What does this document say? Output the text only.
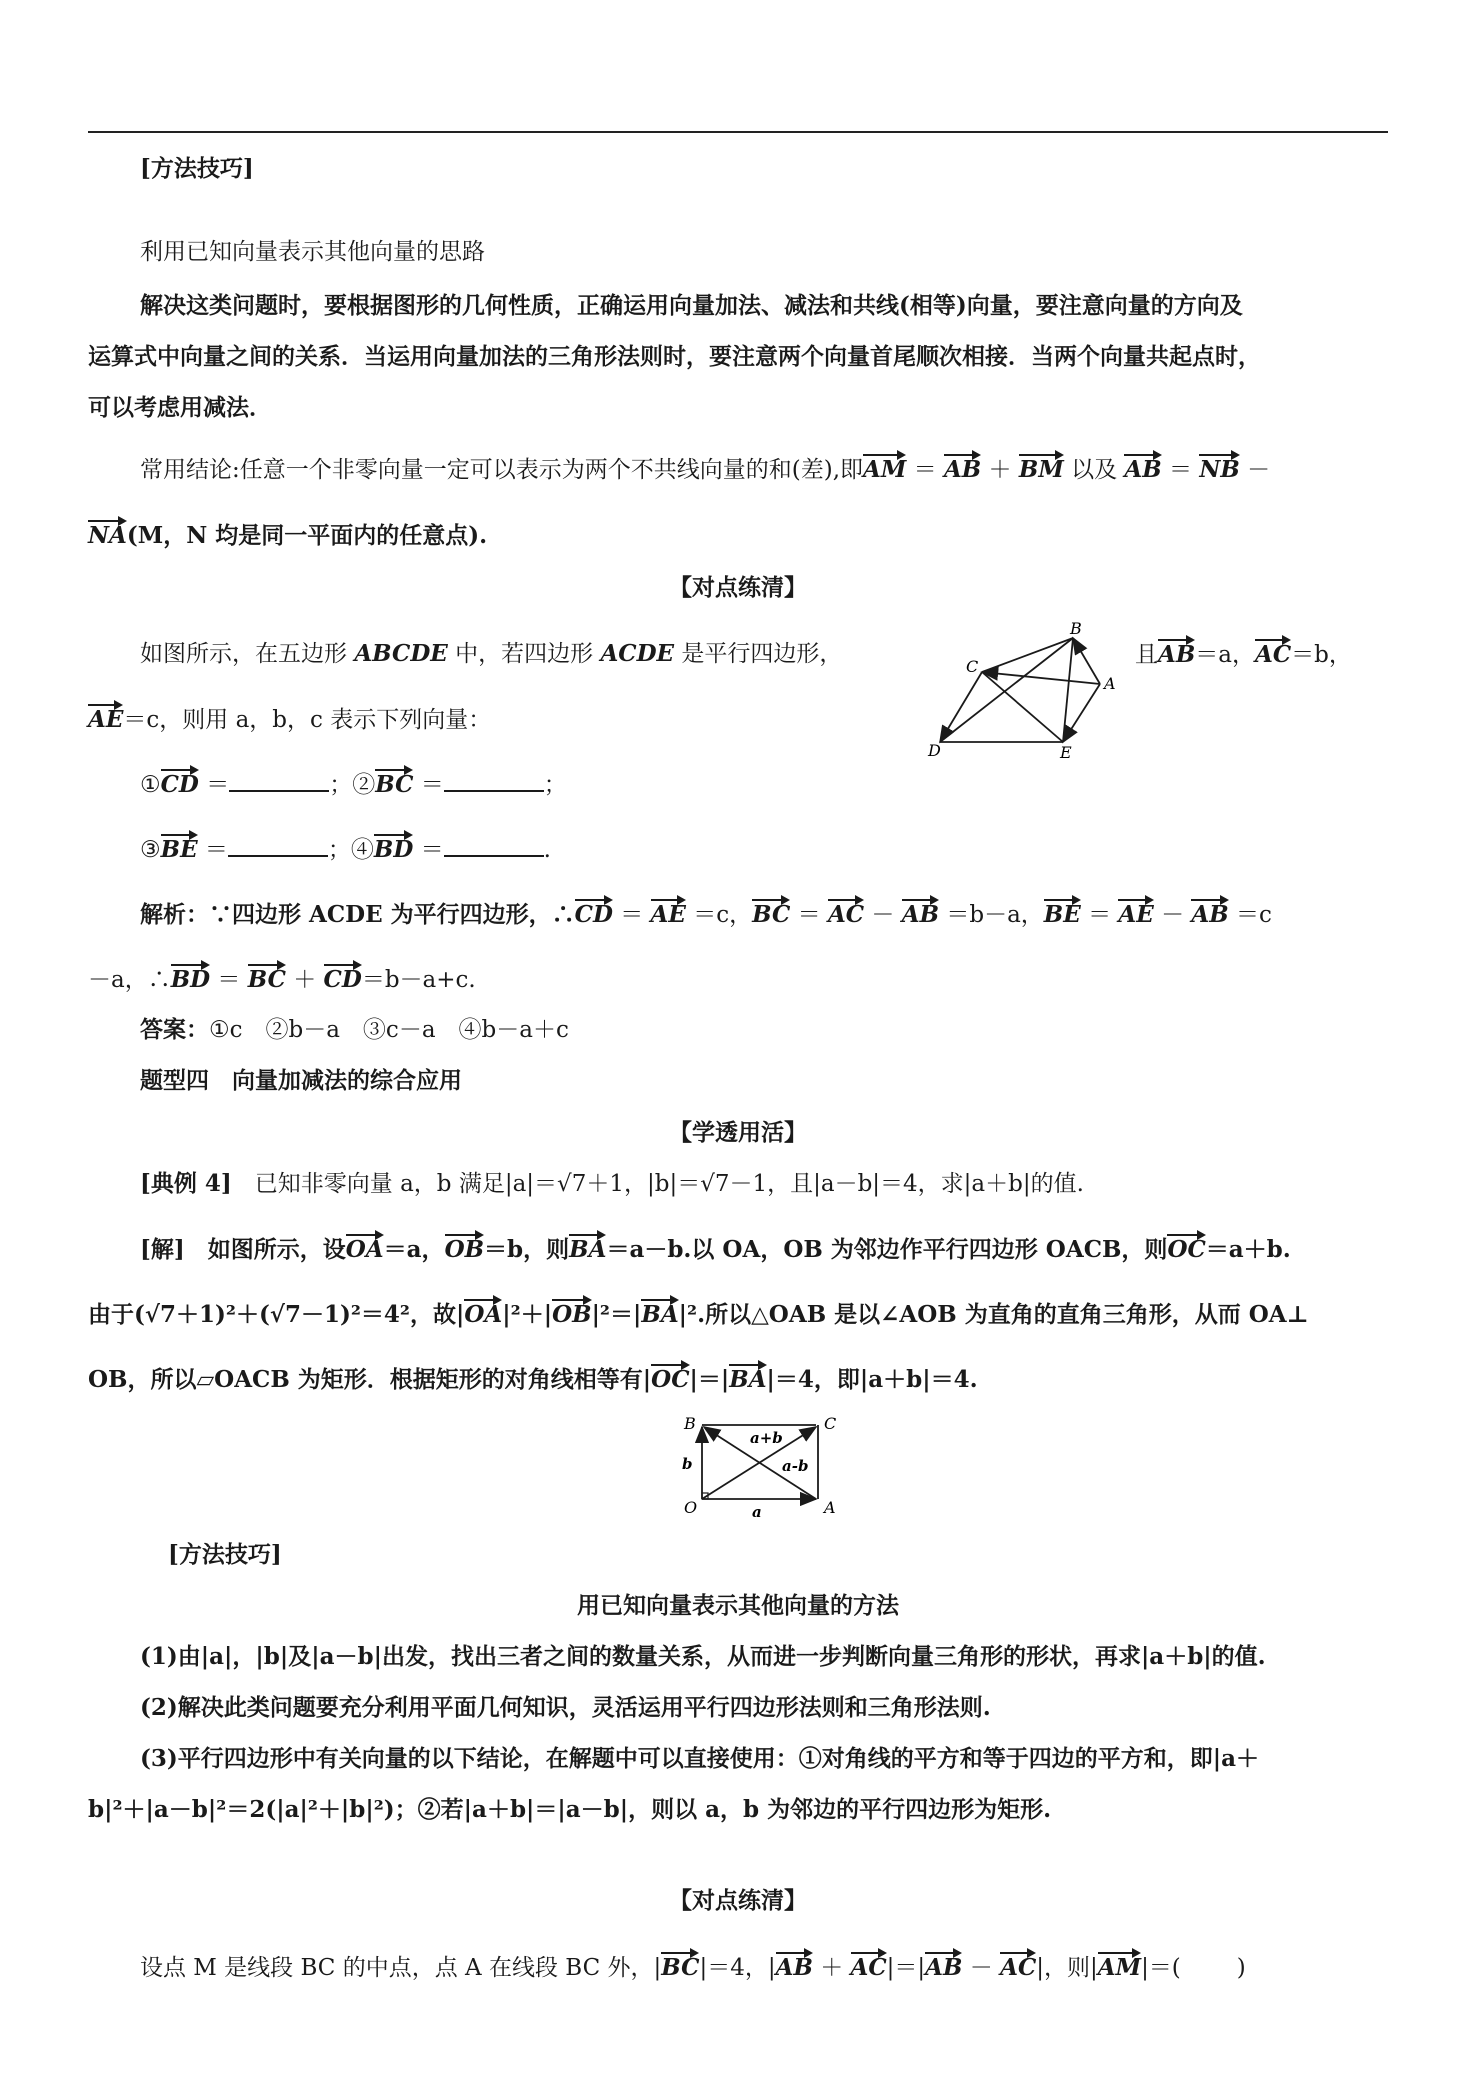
[方法技巧]
利用已知向量表示其他向量的思路
解决这类问题时，要根据图形的几何性质，正确运用向量加法、减法和共线(相等)向量，要注意向量的方向及
运算式中向量之间的关系．当运用向量加法的三角形法则时，要注意两个向量首尾顺次相接．当两个向量共起点时，
可以考虑用减法．
常用结论:任意一个非零向量一定可以表示为两个不共线向量的和(差),即AM ＝ AB ＋ BM 以及 AB ＝ NB －
NA(M，N 均是同一平面内的任意点).
【对点练清】
如图所示，在五边形 ABCDE 中，若四边形 ACDE 是平行四边形，	且AB＝a，AC＝b，
AE＝c，则用 a，b，c 表示下列向量：
B
C
A
D	E
①CD ＝	；②BC ＝	；
③BE ＝	；④BD ＝	.
解析：∵四边形 ACDE 为平行四边形，∴CD ＝ AE ＝c，BC ＝ AC － AB ＝b－a，BE ＝ AE － AB ＝c
－a，∴BD ＝ BC ＋ CD＝b－a+c.
答案：①c　②b－a　③c－a　④b－a＋c
题型四　向量加减法的综合应用
【学透用活】
[典例 4]　 已知非零向量 a，b 满足|a|＝√7＋1，|b|＝√7－1，且|a－b|＝4，求|a＋b|的值.
[解]　 如图所示，设OA＝a，OB＝b，则BA＝a－b.以 OA，OB 为邻边作平行四边形 OACB，则OC＝a＋b.
由于(√7＋1)²＋(√7－1)²＝4²，故|OA|²＋|OB|²＝|BA|².所以△OAB 是以∠AOB 为直角的直角三角形，从而 OA⊥
OB，所以▱OACB 为矩形．根据矩形的对角线相等有|OC|＝|BA|＝4，即|a＋b|＝4.
B	C
O	A
a+b
b	a-b
a
[方法技巧]
用已知向量表示其他向量的方法
(1)由|a|，|b|及|a－b|出发，找出三者之间的数量关系，从而进一步判断向量三角形的形状，再求|a＋b|的值.
(2)解决此类问题要充分利用平面几何知识，灵活运用平行四边形法则和三角形法则.
(3)平行四边形中有关向量的以下结论，在解题中可以直接使用：①对角线的平方和等于四边的平方和，即|a＋
b|²＋|a－b|²＝2(|a|²＋|b|²)；②若|a＋b|＝|a－b|，则以 a，b 为邻边的平行四边形为矩形.
【对点练清】
设点 M 是线段 BC 的中点，点 A 在线段 BC 外，|BC|＝4，|AB ＋ AC|＝|AB － AC|，则|AM|＝( )
